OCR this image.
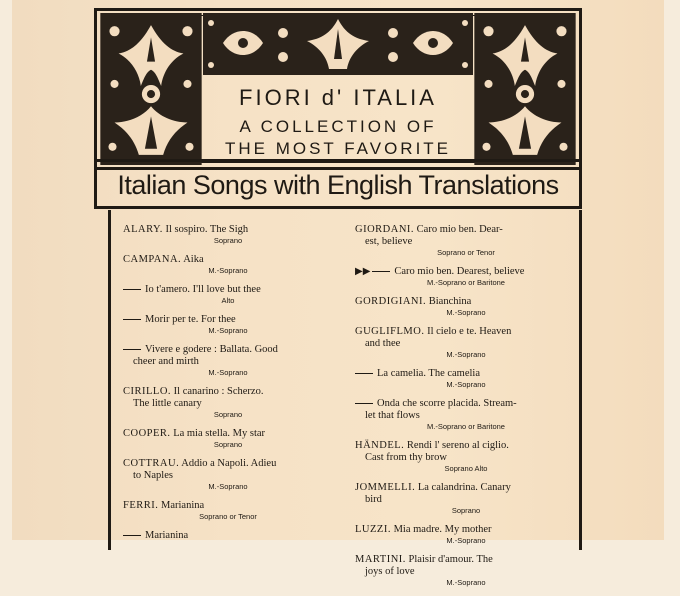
FIORI d' ITALIA
A COLLECTION OF
THE MOST FAVORITE
Italian Songs with English Translations
ALARY. Il sospiro. The Sigh
Soprano
CAMPANA. Aika
M.-Soprano
Io t'amero. I'll love but thee
Alto
Morir per te. For thee
M.-Soprano
Vivere e godere : Ballata. Good
cheer and mirth
M.-Soprano
CIRILLO. Il canarino : Scherzo.
The little canary
Soprano
COOPER. La mia stella. My star
Soprano
COTTRAU. Addio a Napoli. Adieu
to Naples
M.-Soprano
FERRI. Marianina
Soprano or Tenor
Marianina
GIORDANI. Caro mio ben. Dear-
est, believe
Soprano or Tenor
▶▶ Caro mio ben. Dearest, believe
M.-Soprano or Baritone
GORDIGIANI. Bianchina
M.-Soprano
GUGLIFLMO. Il cielo e te. Heaven
and thee
M.-Soprano
La camelia. The camelia
M.-Soprano
Onda che scorre placida. Stream-
let that flows
M.-Soprano or Baritone
HÄNDEL. Rendi l' sereno al ciglio.
Cast from thy brow
Soprano Alto
JOMMELLI. La calandrina. Canary
bird
Soprano
LUZZI. Mia madre. My mother
M.-Soprano
MARTINI. Plaisir d'amour. The
joys of love
M.-Soprano
